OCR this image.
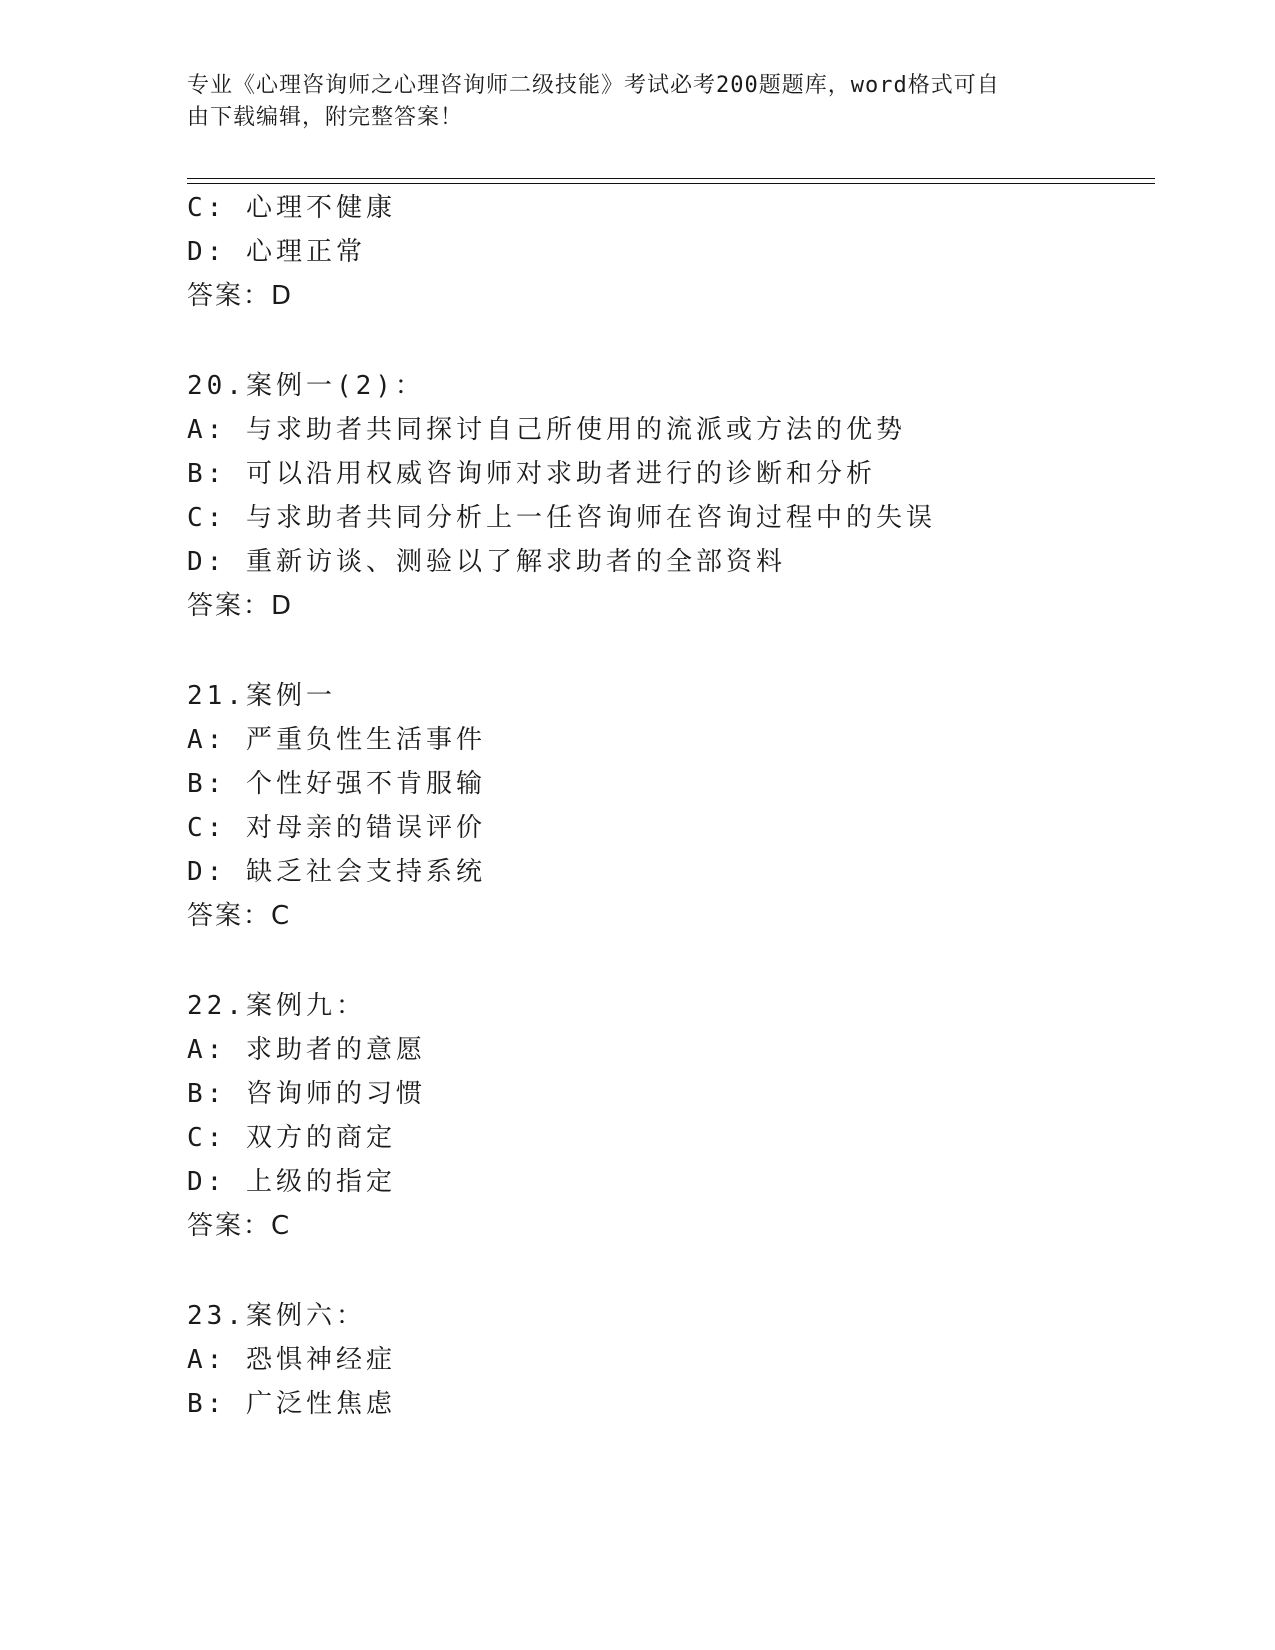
专业《心理咨询师之心理咨询师二级技能》考试必考200题题库，word格式可自
由下载编辑，附完整答案！
C: 心理不健康
D: 心理正常
答案：D
20.案例一(2)：
A: 与求助者共同探讨自己所使用的流派或方法的优势
B: 可以沿用权威咨询师对求助者进行的诊断和分析
C: 与求助者共同分析上一任咨询师在咨询过程中的失误
D: 重新访谈、测验以了解求助者的全部资料
答案：D
21.案例一
A: 严重负性生活事件
B: 个性好强不肯服输
C: 对母亲的错误评价
D: 缺乏社会支持系统
答案：C
22.案例九：
A: 求助者的意愿
B: 咨询师的习惯
C: 双方的商定
D: 上级的指定
答案：C
23.案例六：
A: 恐惧神经症
B: 广泛性焦虑
